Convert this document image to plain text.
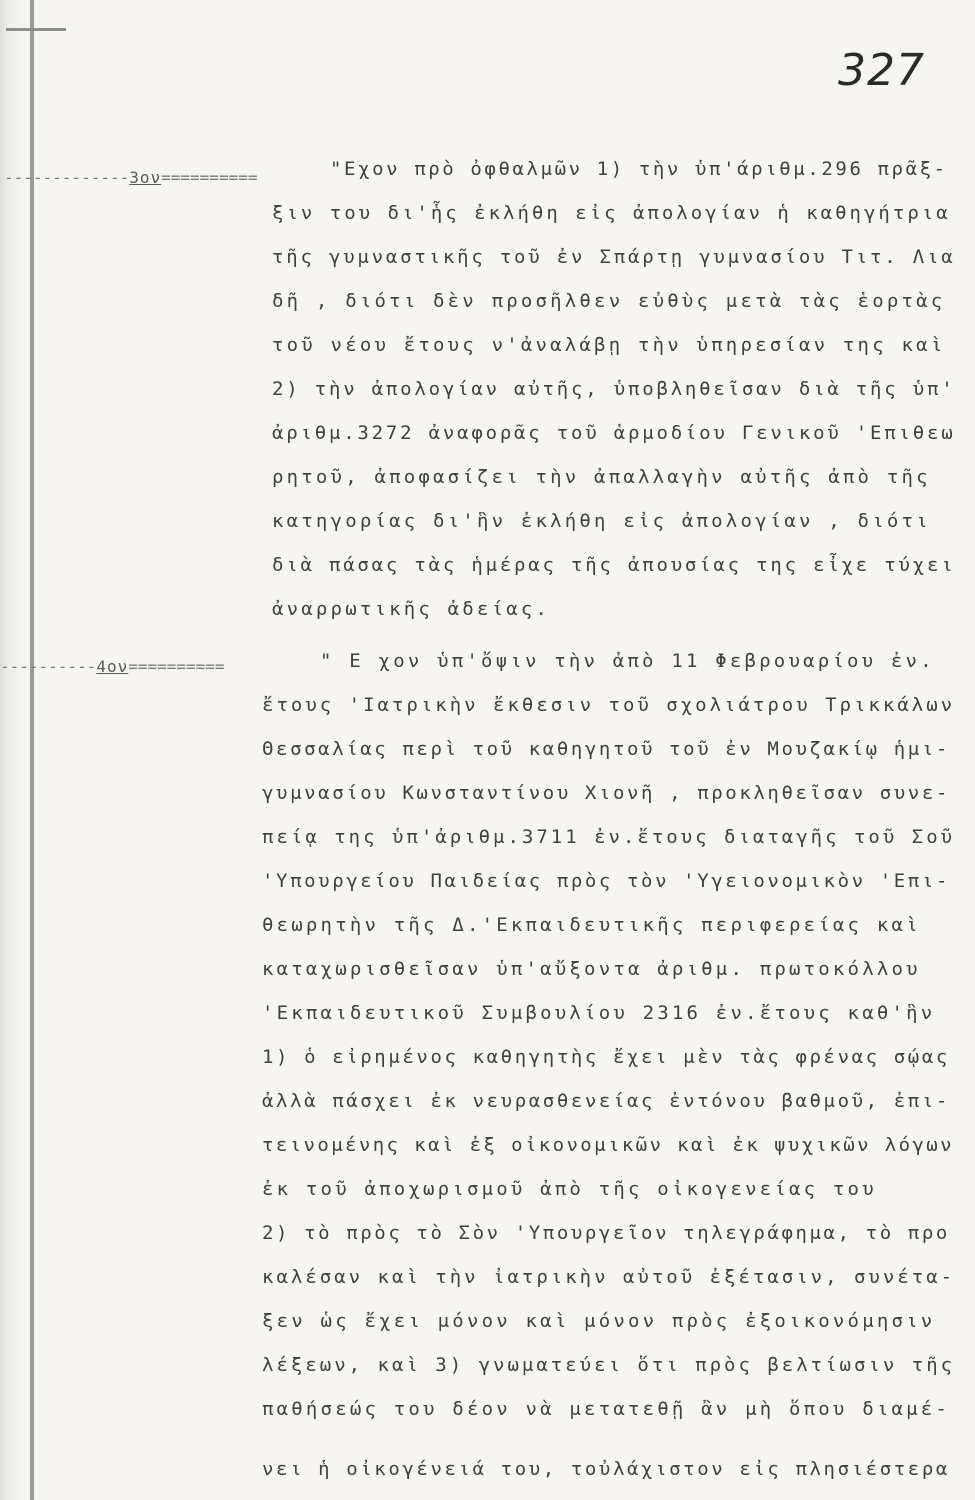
327
-------------3ον==========
----------4ον==========
"Εχον πρὸ ὀφθαλμῶν 1) τὴν ὑπ'άριθμ.296 πρᾶξ-
ξιν του δι'ἧς ἐκλήθη εἰς ἀπολογίαν ἡ καθηγήτρια
τῆς γυμναστικῆς τοῦ ἐν Σπάρτῃ γυμνασίου Τιτ. Λια
δῆ , διότι δὲν προσῆλθεν εὐθὺς μετὰ τὰς ἑορτὰς
τοῦ νέου ἔτους ν'ἀναλάβῃ τὴν ὑπηρεσίαν της καὶ
2) τὴν ἀπολογίαν αὐτῆς, ὑποβληθεῖσαν διὰ τῆς ὑπ'
ἀριθμ.3272 ἀναφορᾶς τοῦ ἁρμοδίου Γενικοῦ 'Επιθεω
ρητοῦ, ἀποφασίζει τὴν ἀπαλλαγὴν αὐτῆς ἀπὸ τῆς
κατηγορίας δι'ἣν ἐκλήθη εἰς ἀπολογίαν , διότι
διὰ πάσας τὰς ἡμέρας τῆς ἀπουσίας της εἶχε τύχει
ἀναρρωτικῆς ἀδείας.
" Ε χον ὑπ'ὄψιν τὴν ἀπὸ 11 Φεβρουαρίου ἐν.
ἔτους 'Ιατρικὴν ἔκθεσιν τοῦ σχολιάτρου Τρικκάλων
Θεσσαλίας περὶ τοῦ καθηγητοῦ τοῦ ἐν Μουζακίῳ ἡμι-
γυμνασίου Κωνσταντίνου Χιονῆ , προκληθεῖσαν συνε-
πείᾳ της ὑπ'ἀριθμ.3711 ἐν.ἔτους διαταγῆς τοῦ Σοῦ
'Υπουργείου Παιδείας πρὸς τὸν 'Υγειονομικὸν 'Επι-
θεωρητὴν τῆς Δ.'Εκπαιδευτικῆς περιφερείας καὶ
καταχωρισθεῖσαν ὑπ'αὔξοντα ἀριθμ. πρωτοκόλλου
'Εκπαιδευτικοῦ Συμβουλίου 2316 ἐν.ἔτους καθ'ἣν
1) ὁ εἰρημένος καθηγητὴς ἔχει μὲν τὰς φρένας σῴας
ἀλλὰ πάσχει ἐκ νευρασθενείας ἐντόνου βαθμοῦ, ἐπι-
τεινομένης καὶ ἐξ οἰκονομικῶν καὶ ἐκ ψυχικῶν λόγων
ἐκ τοῦ ἀποχωρισμοῦ ἀπὸ τῆς οἰκογενείας του
2) τὸ πρὸς τὸ Σὸν 'Υπουργεῖον τηλεγράφημα, τὸ προ
καλέσαν καὶ τὴν ἰατρικὴν αὐτοῦ ἐξέτασιν, συνέτα-
ξεν ὡς ἔχει μόνον καὶ μόνον πρὸς ἐξοικονόμησιν
λέξεων, καὶ 3) γνωματεύει ὅτι πρὸς βελτίωσιν τῆς
παθήσεώς του δέον νὰ μετατεθῇ ἂν μὴ ὅπου διαμέ-
νει ἡ οἰκογένειά του, τοὐλάχιστον εἰς πλησιέστερα
